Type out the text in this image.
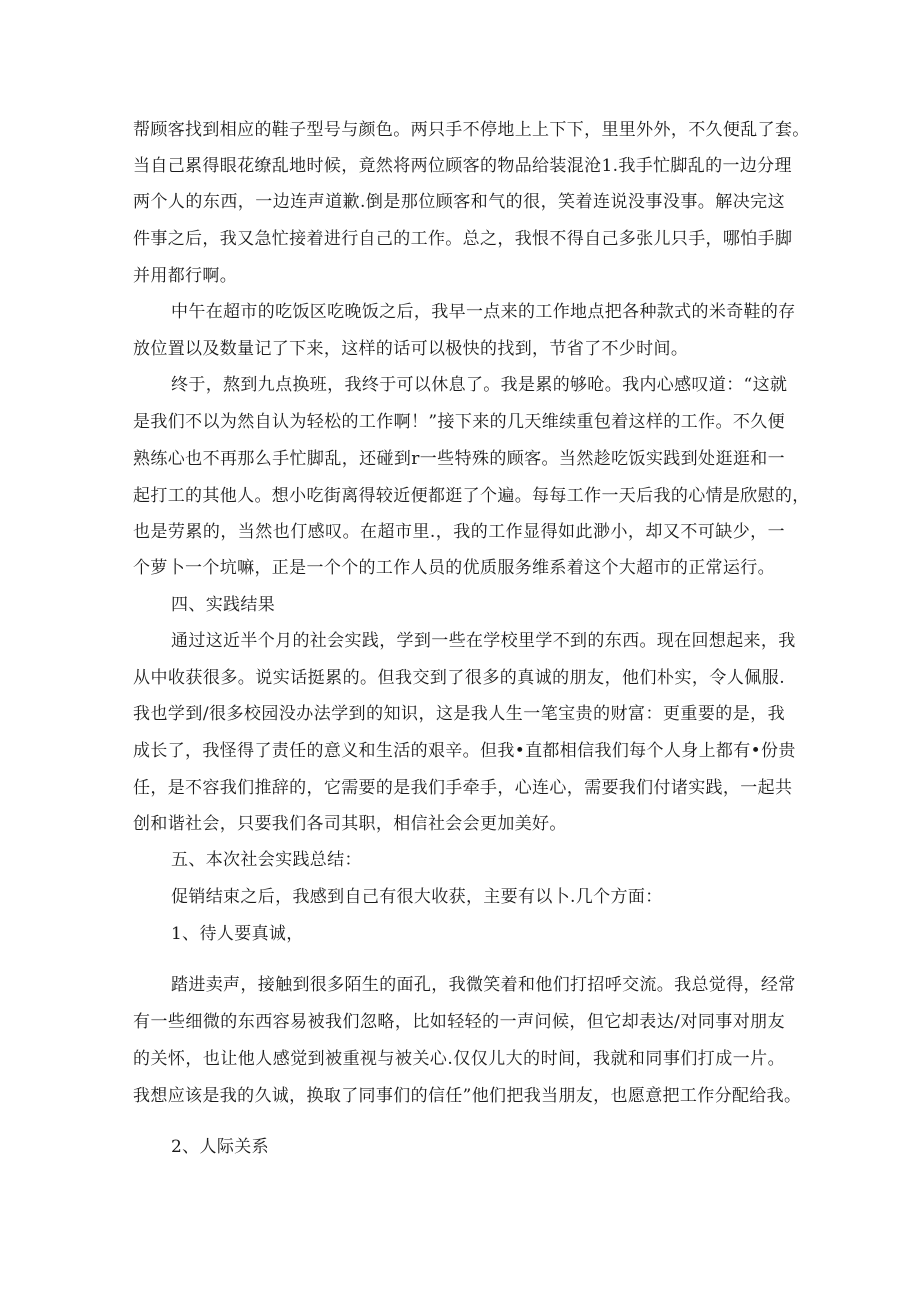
帮顾客找到相应的鞋子型号与颜色。两只手不停地上上下下，里里外外，不久便乱了套。
当自己累得眼花缭乱地时候，竟然将两位顾客的物品给装混沧1.我手忙脚乱的一边分理
两个人的东西，一边连声道歉.倒是那位顾客和气的很，笑着连说没事没事。解决完这
件事之后，我又急忙接着进行自己的工作。总之，我恨不得自己多张儿只手，哪怕手脚
并用都行啊。
中午在超市的吃饭区吃晚饭之后，我早一点来的工作地点把各种款式的米奇鞋的存
放位置以及数量记了下来，这样的话可以极快的找到，节省了不少时间。
终于，熬到九点换班，我终于可以休息了。我是累的够呛。我内心感叹道：“这就
是我们不以为然自认为轻松的工作啊！”接下来的几天维续重包着这样的工作。不久便
熟练心也不再那么手忙脚乱，还碰到r一些特殊的顾客。当然趁吃饭实践到处逛逛和一
起打工的其他人。想小吃街离得较近便都逛了个遍。每每工作一天后我的心情是欣慰的，
也是劳累的，当然也仃感叹。在超市里.，我的工作显得如此渺小，却又不可缺少，一
个萝卜一个坑嘛，正是一个个的工作人员的优质服务维系着这个大超市的正常运行。
四、实践结果
通过这近半个月的社会实践，学到一些在学校里学不到的东西。现在回想起来，我
从中收获很多。说实话挺累的。但我交到了很多的真诚的朋友，他们朴实，令人佩服.
我也学到/很多校园没办法学到的知识，这是我人生一笔宝贵的财富：更重要的是，我
成长了，我怪得了责任的意义和生活的艰辛。但我•直都相信我们每个人身上都有•份贵
任，是不容我们推辞的，它需要的是我们手牵手，心连心，需要我们付诸实践，一起共
创和谐社会，只要我们各司其职，相信社会会更加美好。
五、本次社会实践总结：
促销结束之后，我感到自己有很大收获，主要有以卜.几个方面：
1、待人要真诚，
踏进卖声，接触到很多陌生的面孔，我微笑着和他们打招呼交流。我总觉得，经常
有一些细微的东西容易被我们忽略，比如轻轻的一声问候，但它却表达/对同事对朋友
的关怀，也让他人感觉到被重视与被关心.仅仅儿大的时间，我就和同事们打成一片。
我想应该是我的久诚，换取了同事们的信任”他们把我当朋友，也愿意把工作分配给我。
2、人际关系
